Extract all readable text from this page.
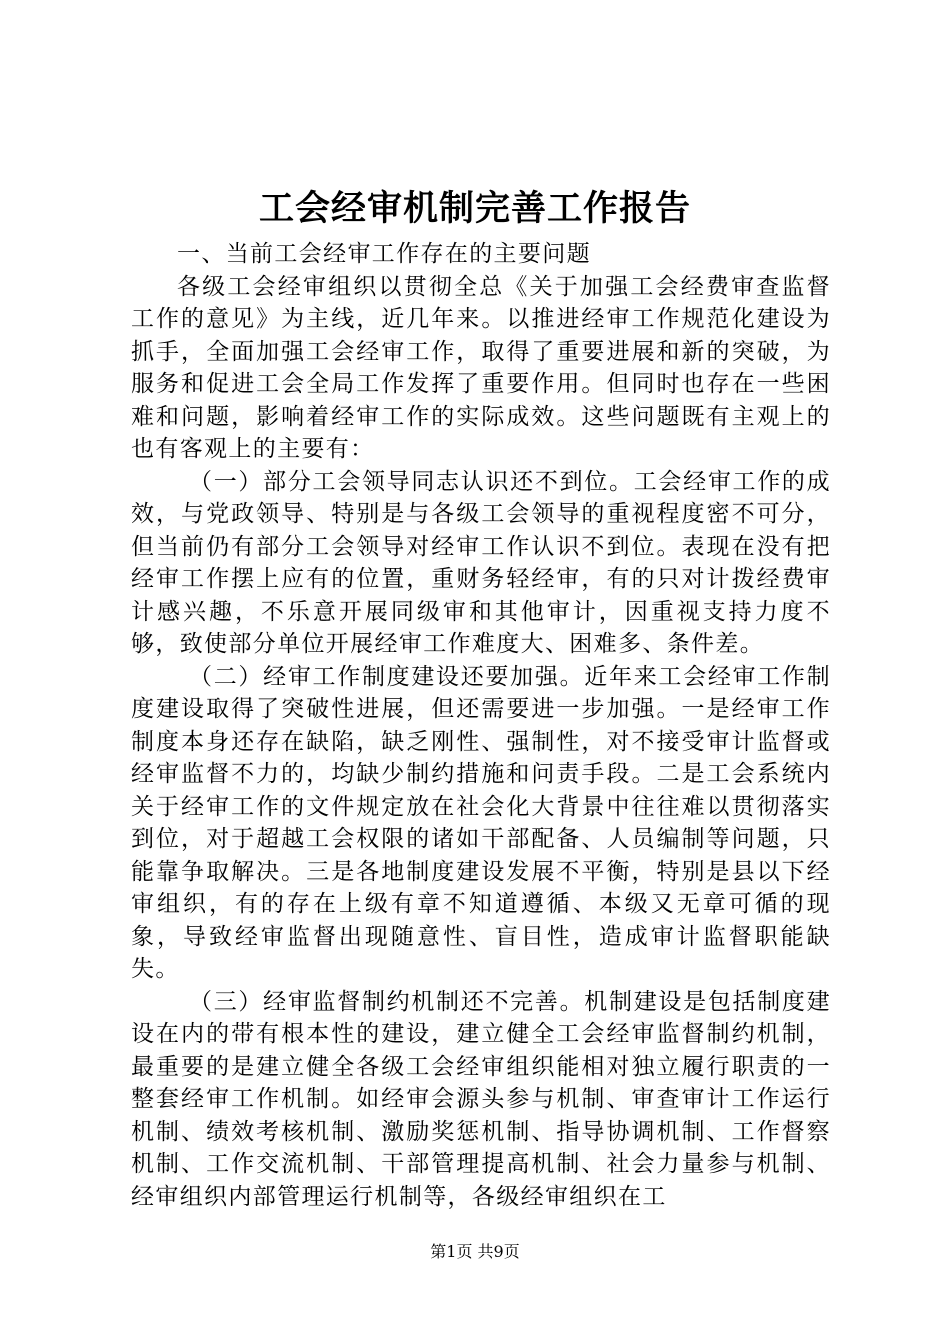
工会经审机制完善工作报告

一、当前工会经审工作存在的主要问题

各级工会经审组织以贯彻全总《关于加强工会经费审查监督工作的意见》为主线，近几年来。以推进经审工作规范化建设为抓手，全面加强工会经审工作，取得了重要进展和新的突破，为服务和促进工会全局工作发挥了重要作用。但同时也存在一些困难和问题，影响着经审工作的实际成效。这些问题既有主观上的也有客观上的主要有：

（一）部分工会领导同志认识还不到位。工会经审工作的成效，与党政领导、特别是与各级工会领导的重视程度密不可分，但当前仍有部分工会领导对经审工作认识不到位。表现在没有把经审工作摆上应有的位置，重财务轻经审，有的只对计拨经费审计感兴趣，不乐意开展同级审和其他审计，因重视支持力度不够，致使部分单位开展经审工作难度大、困难多、条件差。

（二）经审工作制度建设还要加强。近年来工会经审工作制度建设取得了突破性进展，但还需要进一步加强。一是经审工作制度本身还存在缺陷，缺乏刚性、强制性，对不接受审计监督或经审监督不力的，均缺少制约措施和问责手段。二是工会系统内关于经审工作的文件规定放在社会化大背景中往往难以贯彻落实到位，对于超越工会权限的诸如干部配备、人员编制等问题，只能靠争取解决。三是各地制度建设发展不平衡，特别是县以下经审组织，有的存在上级有章不知道遵循、本级又无章可循的现象，导致经审监督出现随意性、盲目性，造成审计监督职能缺失。

（三）经审监督制约机制还不完善。机制建设是包括制度建设在内的带有根本性的建设，建立健全工会经审监督制约机制，最重要的是建立健全各级工会经审组织能相对独立履行职责的一整套经审工作机制。如经审会源头参与机制、审查审计工作运行机制、绩效考核机制、激励奖惩机制、指导协调机制、工作督察机制、工作交流机制、干部管理提高机制、社会力量参与机制、经审组织内部管理运行机制等，各级经审组织在工

第1页 共9页
